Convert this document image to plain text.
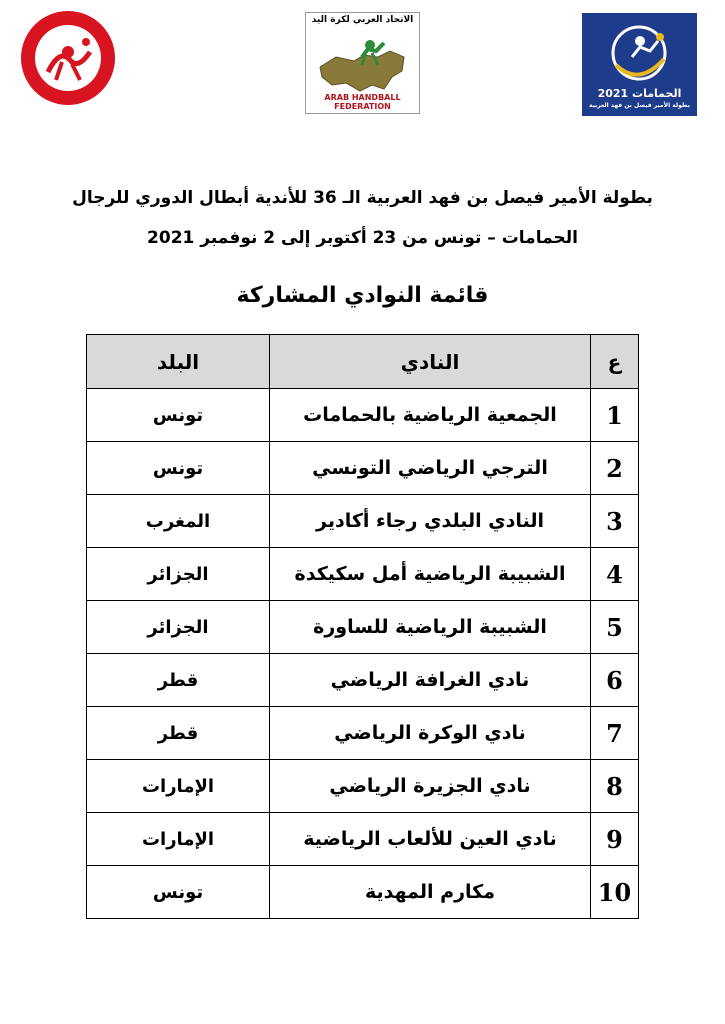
الاتحاد العربي لكرة اليد
ARAB HANDBALL FEDERATION
الحمامات 2021
بطولة الأمير فيصل بن فهد العربية
بطولة الأمير فيصل بن فهد العربية الـ 36 للأندية أبطال الدوري للرجال
الحمامات – تونس من 23 أكتوبر إلى 2 نوفمبر 2021
قائمة النوادي المشاركة
ع	النادي	البلد
1	الجمعية الرياضية بالحمامات	تونس
2	الترجي الرياضي التونسي	تونس
3	النادي البلدي رجاء أكادير	المغرب
4	الشبيبة الرياضية أمل سكيكدة	الجزائر
5	الشبيبة الرياضية للساورة	الجزائر
6	نادي الغرافة الرياضي	قطر
7	نادي الوكرة الرياضي	قطر
8	نادي الجزيرة الرياضي	الإمارات
9	نادي العين للألعاب الرياضية	الإمارات
10	مكارم المهدية	تونس
